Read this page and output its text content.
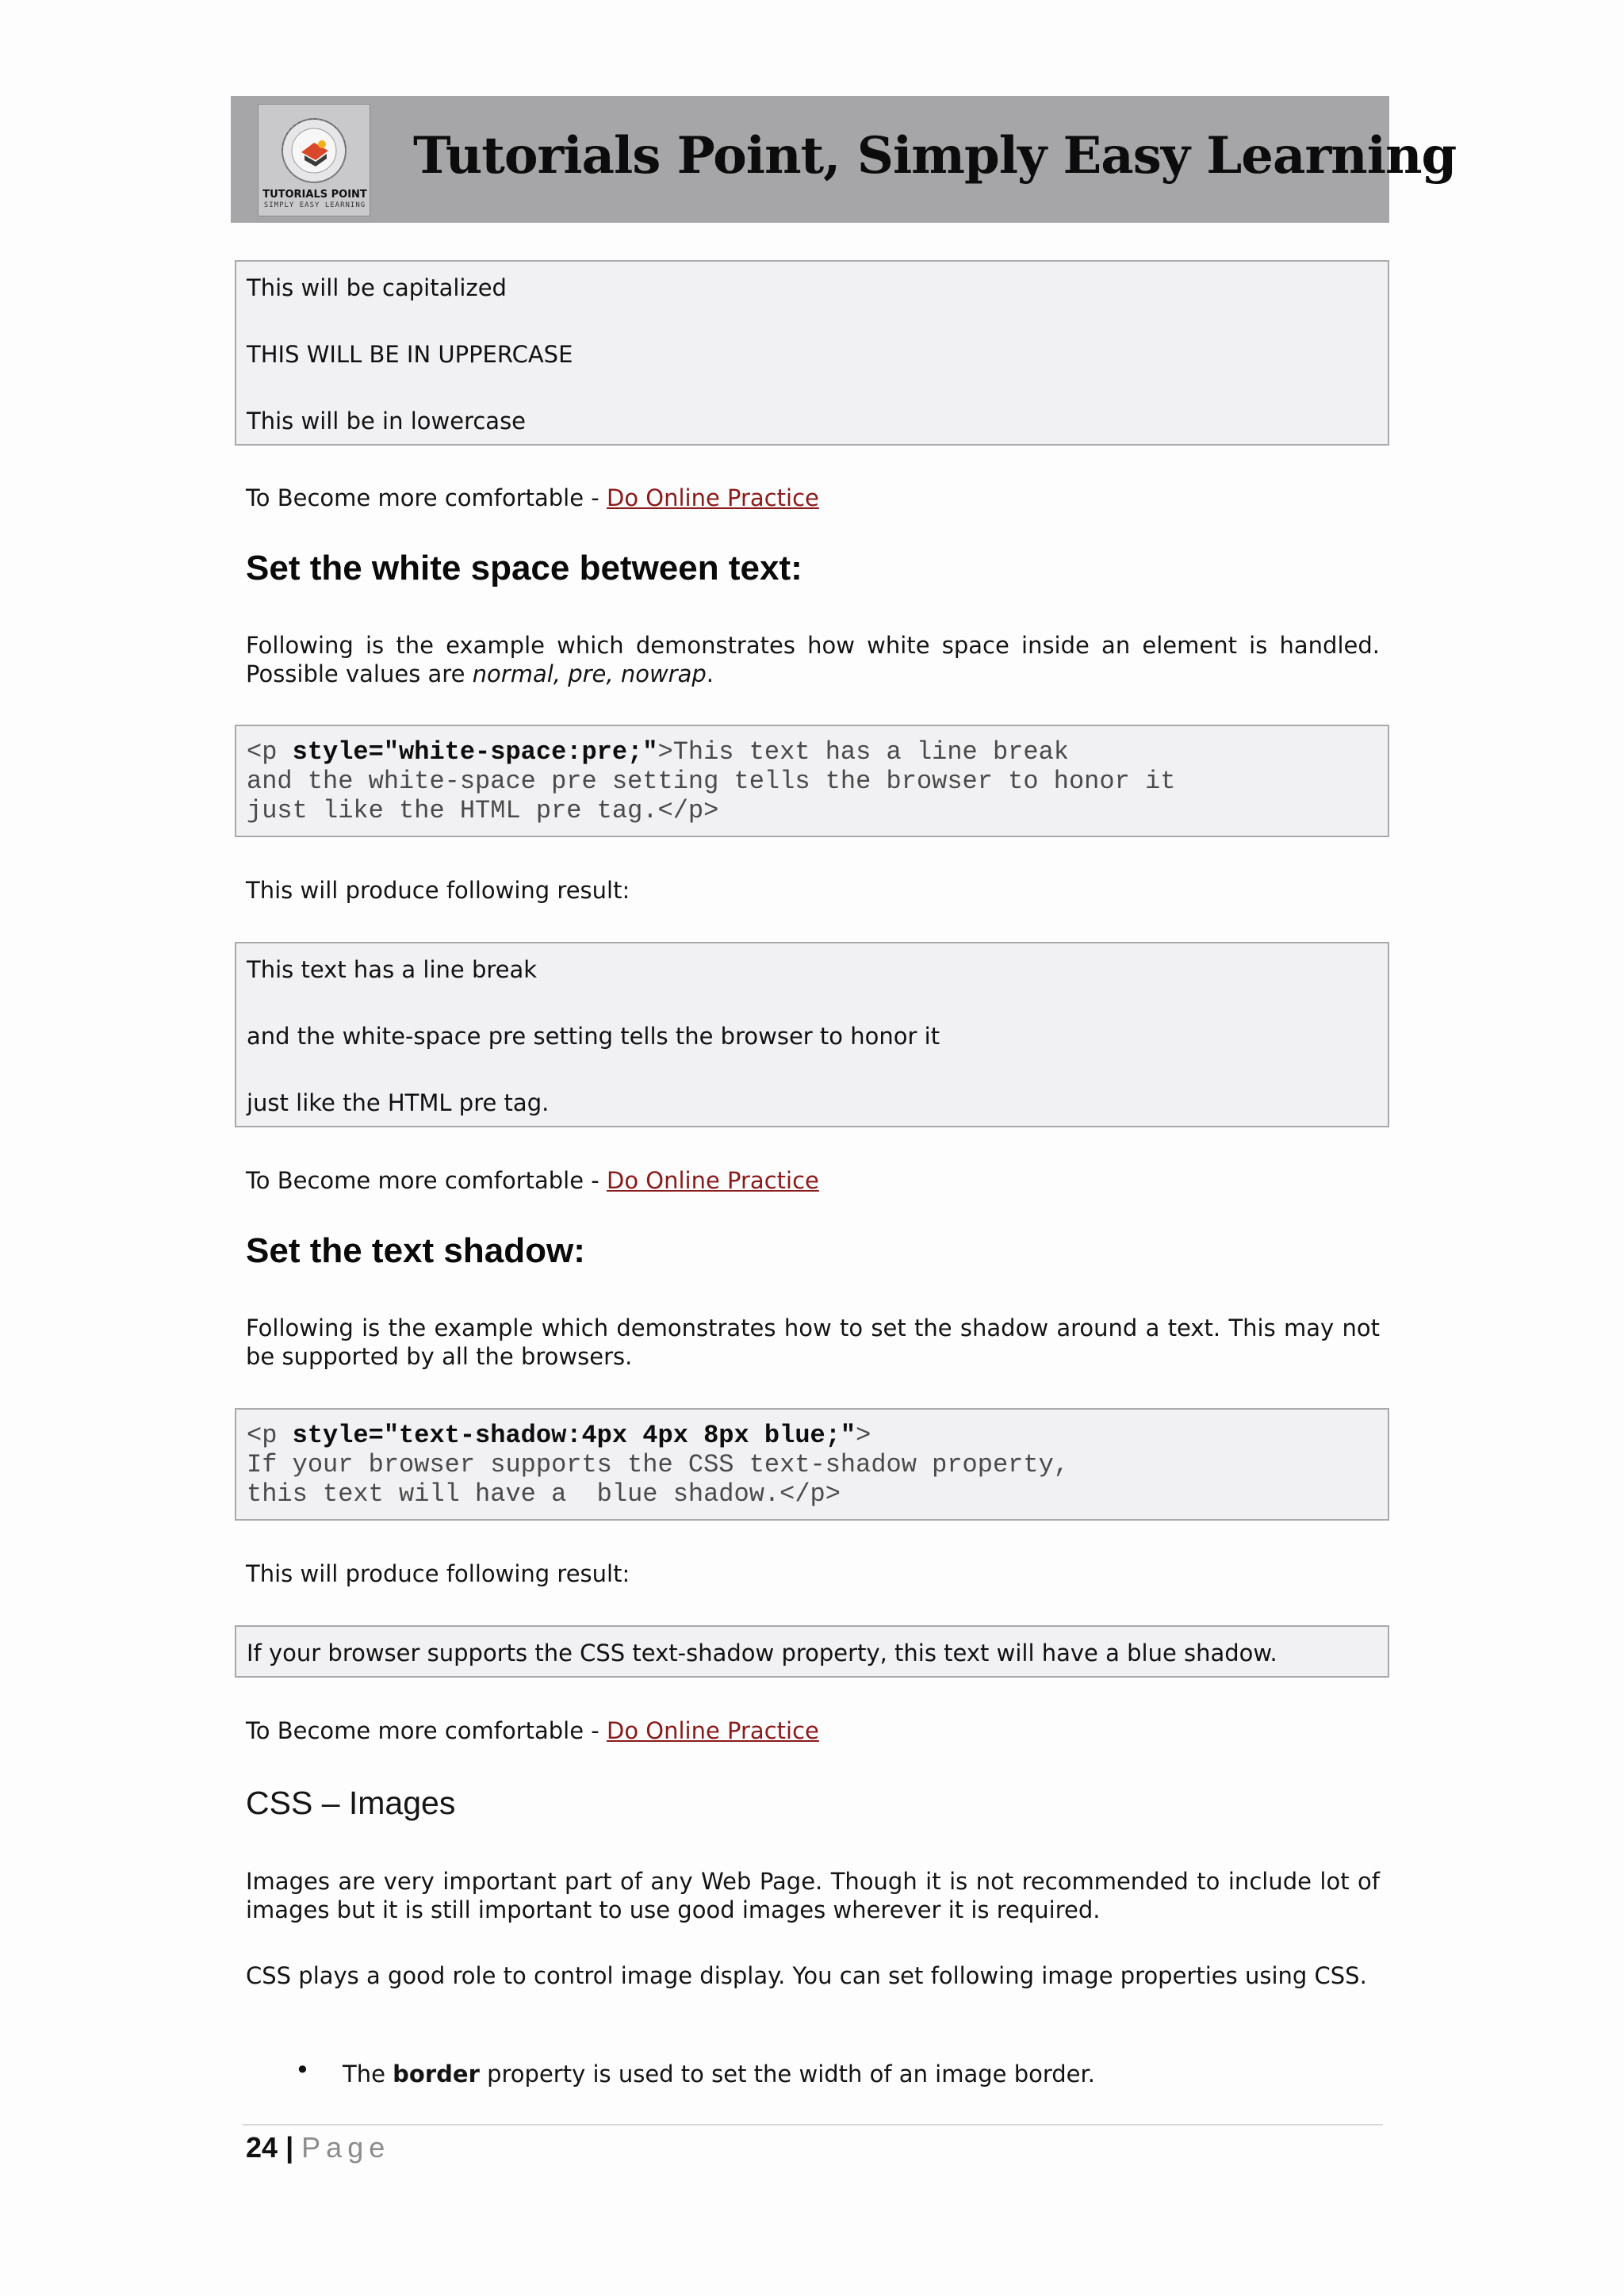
TUTORIALS POINT
SIMPLY EASY LEARNING
Tutorials Point, Simply Easy Learning
This will be capitalized
THIS WILL BE IN UPPERCASE
This will be in lowercase
To Become more comfortable - Do Online Practice
Set the white space between text:
Following is the example which demonstrates how white space inside an element is handled. Possible values are normal, pre, nowrap.
<p style="white-space:pre;">This text has a line break
and the white-space pre setting tells the browser to honor it
just like the HTML pre tag.</p>
This will produce following result:
This text has a line break
and the white-space pre setting tells the browser to honor it
just like the HTML pre tag.
To Become more comfortable - Do Online Practice
Set the text shadow:
Following is the example which demonstrates how to set the shadow around a text. This may not be supported by all the browsers.
<p style="text-shadow:4px 4px 8px blue;">
If your browser supports the CSS text-shadow property,
this text will have a  blue shadow.</p>
This will produce following result:
If your browser supports the CSS text-shadow property, this text will have a blue shadow.
To Become more comfortable - Do Online Practice
CSS – Images
Images are very important part of any Web Page. Though it is not recommended to include lot of images but it is still important to use good images wherever it is required.
CSS plays a good role to control image display. You can set following image properties using CSS.
• The border property is used to set the width of an image border.
24 | Page
